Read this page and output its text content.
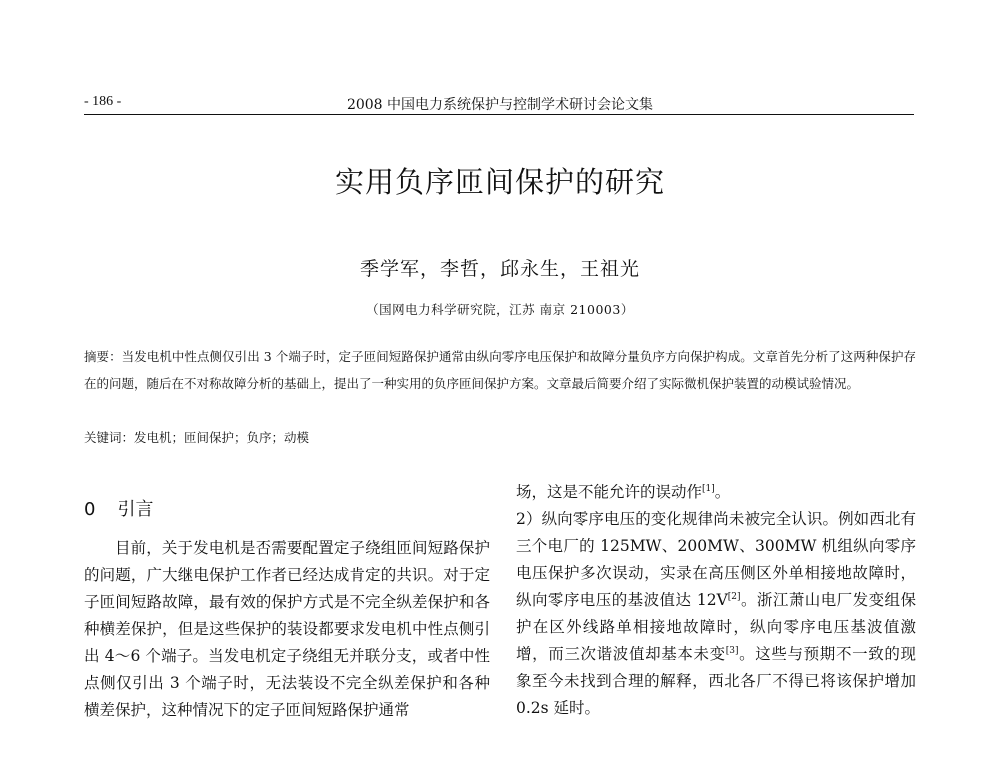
- 186 -	2008 中国电力系统保护与控制学术研讨会论文集
实用负序匝间保护的研究
季学军，李哲，邱永生，王祖光
（国网电力科学研究院，江苏 南京 210003）

摘要：当发电机中性点侧仅引出 3 个端子时，定子匝间短路保护通常由纵向零序电压保护和故障分量负序方向保护构成。文章首先分析了这两种保护存在的问题，随后在不对称故障分析的基础上，提出了一种实用的负序匝间保护方案。文章最后简要介绍了实际微机保护装置的动模试验情况。

关键词：发电机；匝间保护；负序；动模

0 引言

目前，关于发电机是否需要配置定子绕组匝间短路保护的问题，广大继电保护工作者已经达成肯定的共识。对于定子匝间短路故障，最有效的保护方式是不完全纵差保护和各种横差保护，但是这些保护的装设都要求发电机中性点侧引出 4～6 个端子。当发电机定子绕组无并联分支，或者中性点侧仅引出 3 个端子时，无法装设不完全纵差保护和各种横差保护，这种情况下的定子匝间短路保护通常

场，这是不能允许的误动作[1]。

2）纵向零序电压的变化规律尚未被完全认识。例如西北有三个电厂的 125MW、200MW、300MW 机组纵向零序电压保护多次误动，实录在高压侧区外单相接地故障时，纵向零序电压的基波值达 12V[2]。浙江萧山电厂发变组保护在区外线路单相接地故障时，纵向零序电压基波值激增，而三次谐波值却基本未变[3]。这些与预期不一致的现象至今未找到合理的解释，西北各厂不得已将该保护增加 0.2s 延时。
